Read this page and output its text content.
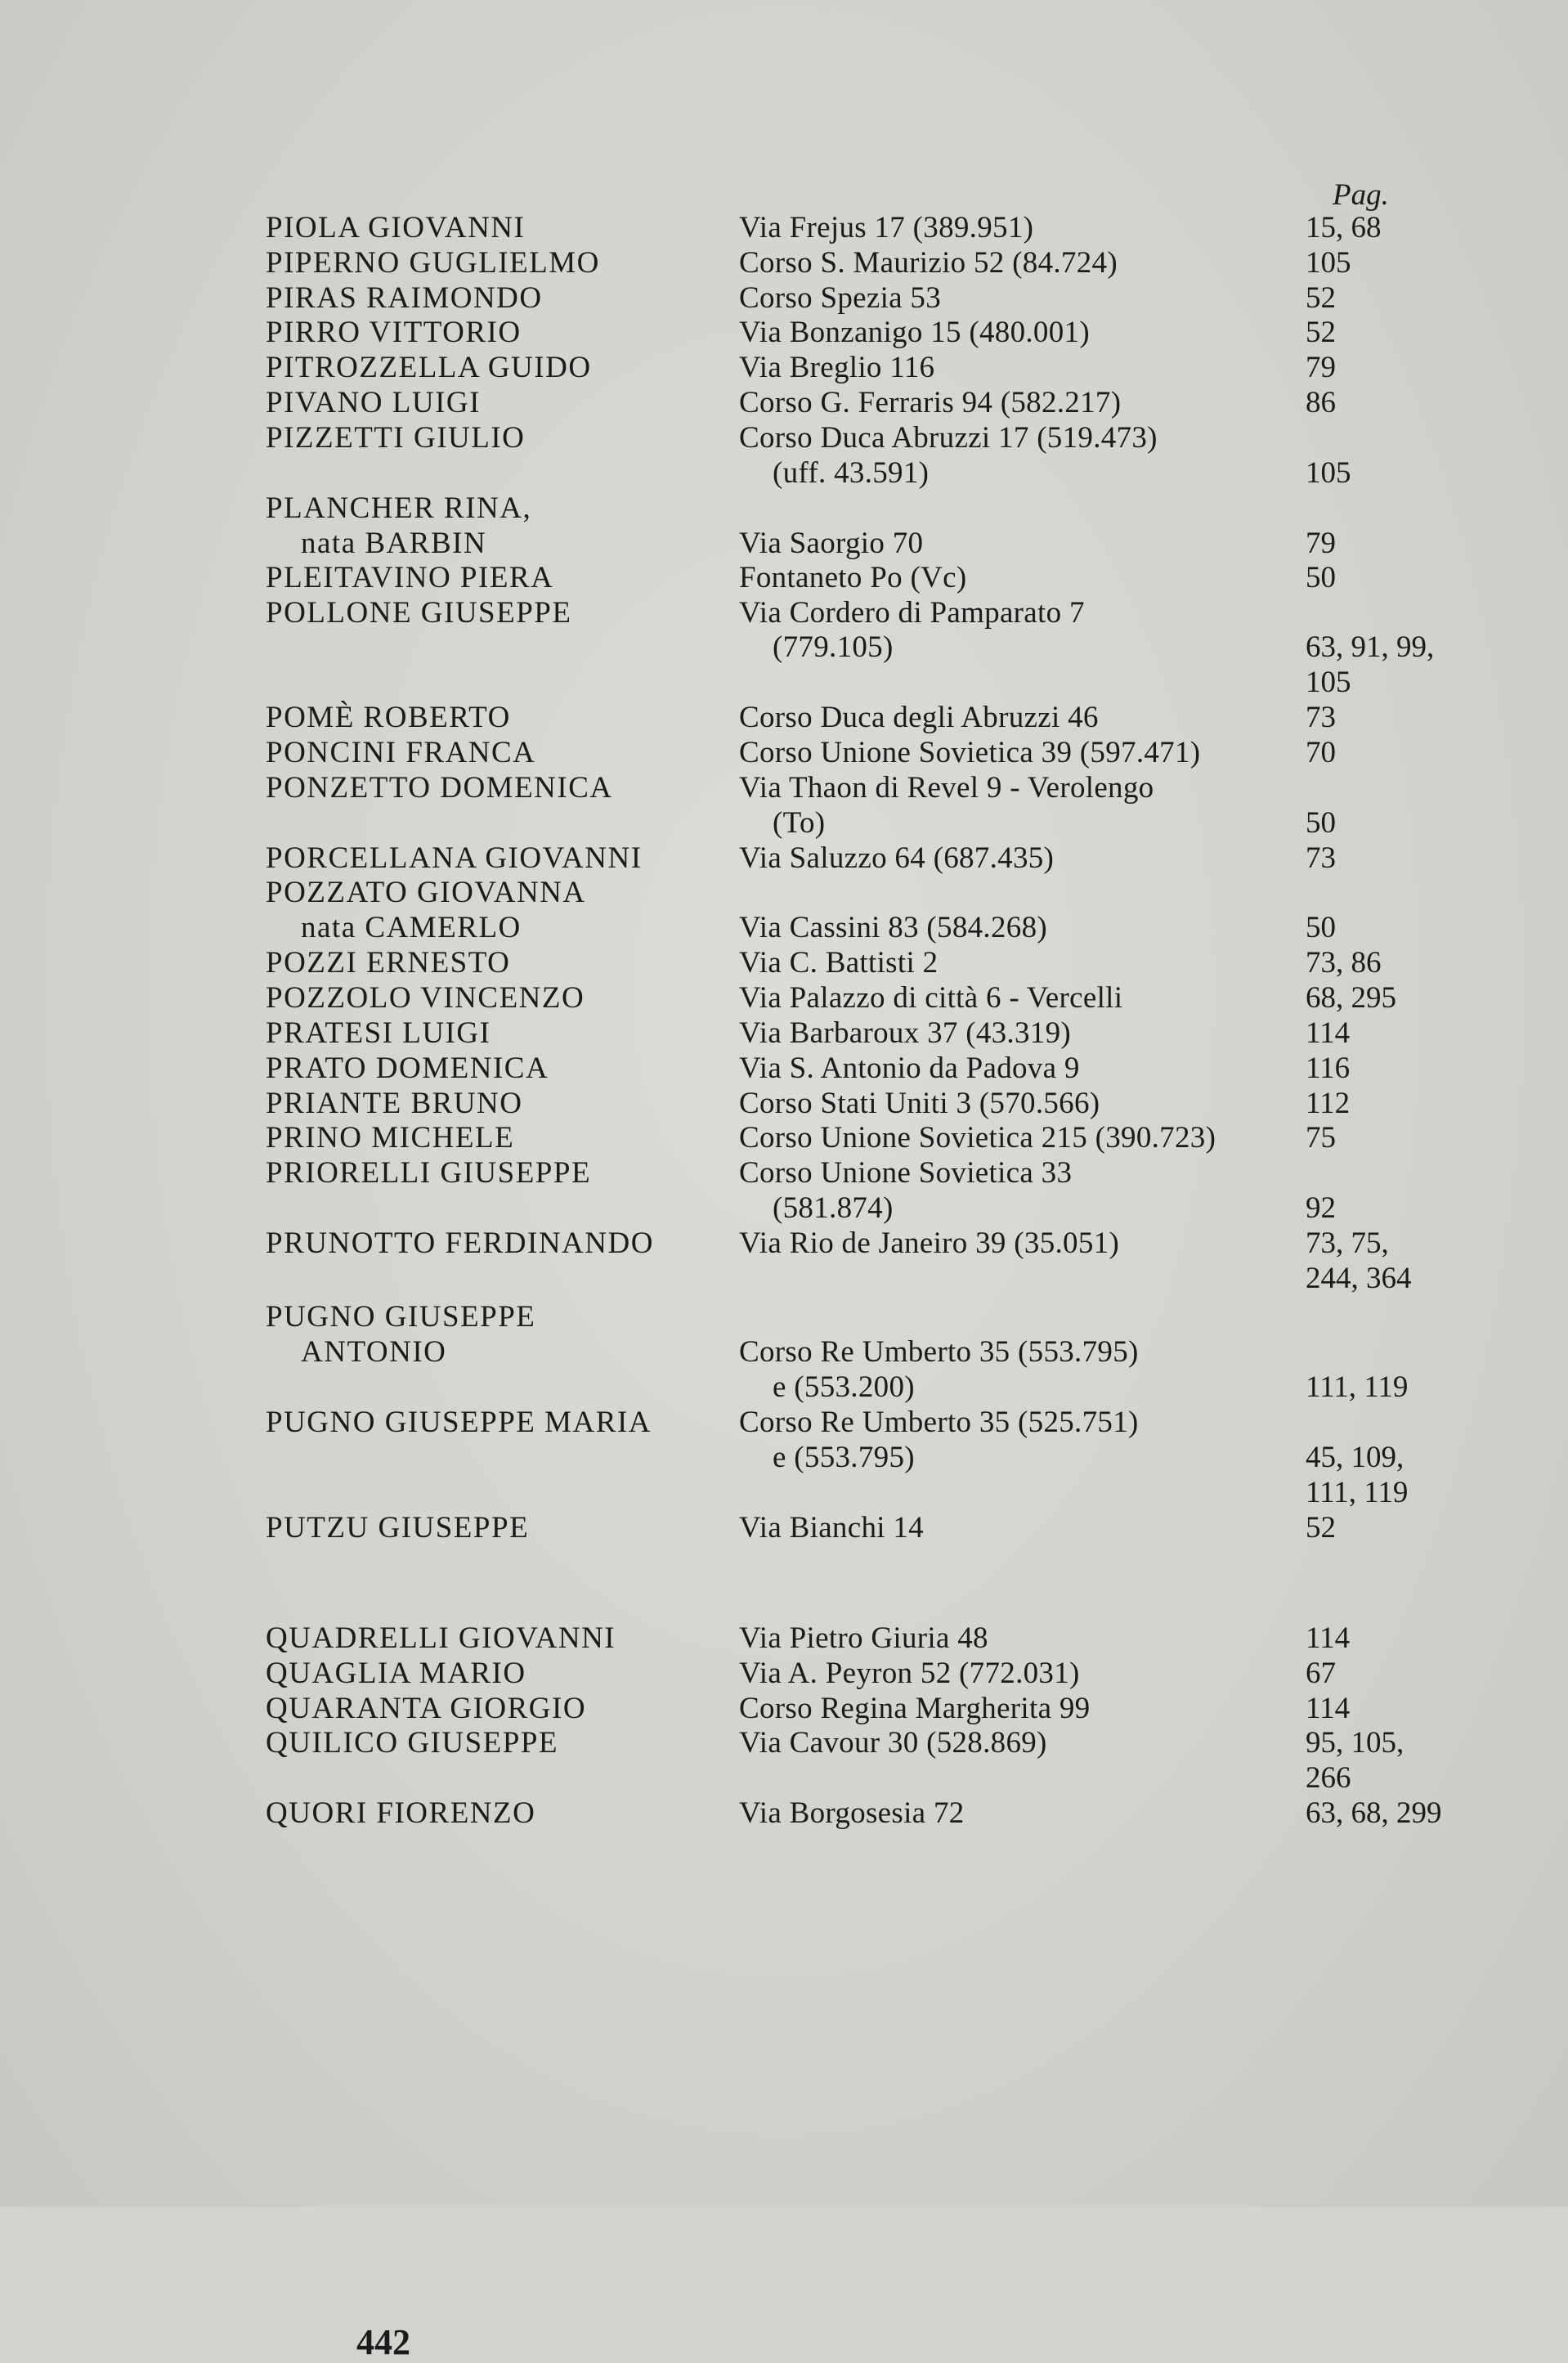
Pag.
PIOLA GIOVANNI	Via Frejus 17 (389.951)	15, 68
PIPERNO GUGLIELMO	Corso S. Maurizio 52 (84.724)	105
PIRAS RAIMONDO	Corso Spezia 53	52
PIRRO VITTORIO	Via Bonzanigo 15 (480.001)	52
PITROZZELLA GUIDO	Via Breglio 116	79
PIVANO LUIGI	Corso G. Ferraris 94 (582.217)	86
PIZZETTI GIULIO	Corso Duca Abruzzi 17 (519.473)
(uff. 43.591)	105
PLANCHER RINA,
nata BARBIN	Via Saorgio 70	79
PLEITAVINO PIERA	Fontaneto Po (Vc)	50
POLLONE GIUSEPPE	Via Cordero di Pamparato 7
(779.105)	63, 91, 99,
105
POMÈ ROBERTO	Corso Duca degli Abruzzi 46	73
PONCINI FRANCA	Corso Unione Sovietica 39 (597.471)	70
PONZETTO DOMENICA	Via Thaon di Revel 9 - Verolengo
(To)	50
PORCELLANA GIOVANNI	Via Saluzzo 64 (687.435)	73
POZZATO GIOVANNA
nata CAMERLO	Via Cassini 83 (584.268)	50
POZZI ERNESTO	Via C. Battisti 2	73, 86
POZZOLO VINCENZO	Via Palazzo di città 6 - Vercelli	68, 295
PRATESI LUIGI	Via Barbaroux 37 (43.319)	114
PRATO DOMENICA	Via S. Antonio da Padova 9	116
PRIANTE BRUNO	Corso Stati Uniti 3 (570.566)	112
PRINO MICHELE	Corso Unione Sovietica 215 (390.723)	75
PRIORELLI GIUSEPPE	Corso Unione Sovietica 33
(581.874)	92
PRUNOTTO FERDINANDO	Via Rio de Janeiro 39 (35.051)	73, 75,
244, 364
PUGNO GIUSEPPE
ANTONIO	Corso Re Umberto 35 (553.795)
e (553.200)	111, 119
PUGNO GIUSEPPE MARIA	Corso Re Umberto 35 (525.751)
e (553.795)	45, 109,
111, 119
PUTZU GIUSEPPE	Via Bianchi 14	52
QUADRELLI GIOVANNI	Via Pietro Giuria 48	114
QUAGLIA MARIO	Via A. Peyron 52 (772.031)	67
QUARANTA GIORGIO	Corso Regina Margherita 99	114
QUILICO GIUSEPPE	Via Cavour 30 (528.869)	95, 105,
266
QUORI FIORENZO	Via Borgosesia 72	63, 68, 299
442
